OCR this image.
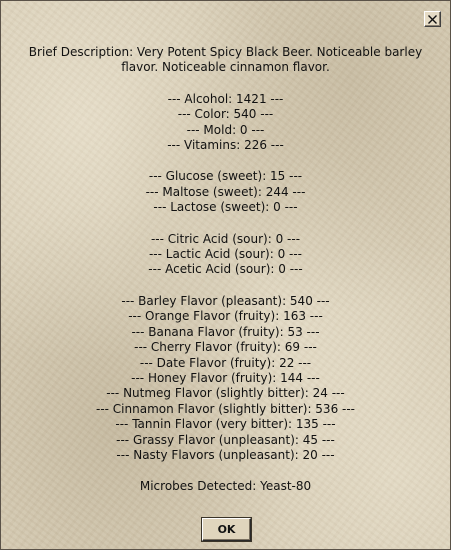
Brief Description: Very Potent Spicy Black Beer. Noticeable barley flavor. Noticeable cinnamon flavor.
--- Alcohol: 1421 ---
--- Color: 540 ---
--- Mold: 0 ---
--- Vitamins: 226 ---
--- Glucose (sweet): 15 ---
--- Maltose (sweet): 244 ---
--- Lactose (sweet): 0 ---
--- Citric Acid (sour): 0 ---
--- Lactic Acid (sour): 0 ---
--- Acetic Acid (sour): 0 ---
--- Barley Flavor (pleasant): 540 ---
--- Orange Flavor (fruity): 163 ---
--- Banana Flavor (fruity): 53 ---
--- Cherry Flavor (fruity): 69 ---
--- Date Flavor (fruity): 22 ---
--- Honey Flavor (fruity): 144 ---
--- Nutmeg Flavor (slightly bitter): 24 ---
--- Cinnamon Flavor (slightly bitter): 536 ---
--- Tannin Flavor (very bitter): 135 ---
--- Grassy Flavor (unpleasant): 45 ---
--- Nasty Flavors (unpleasant): 20 ---
Microbes Detected: Yeast-80
OK
